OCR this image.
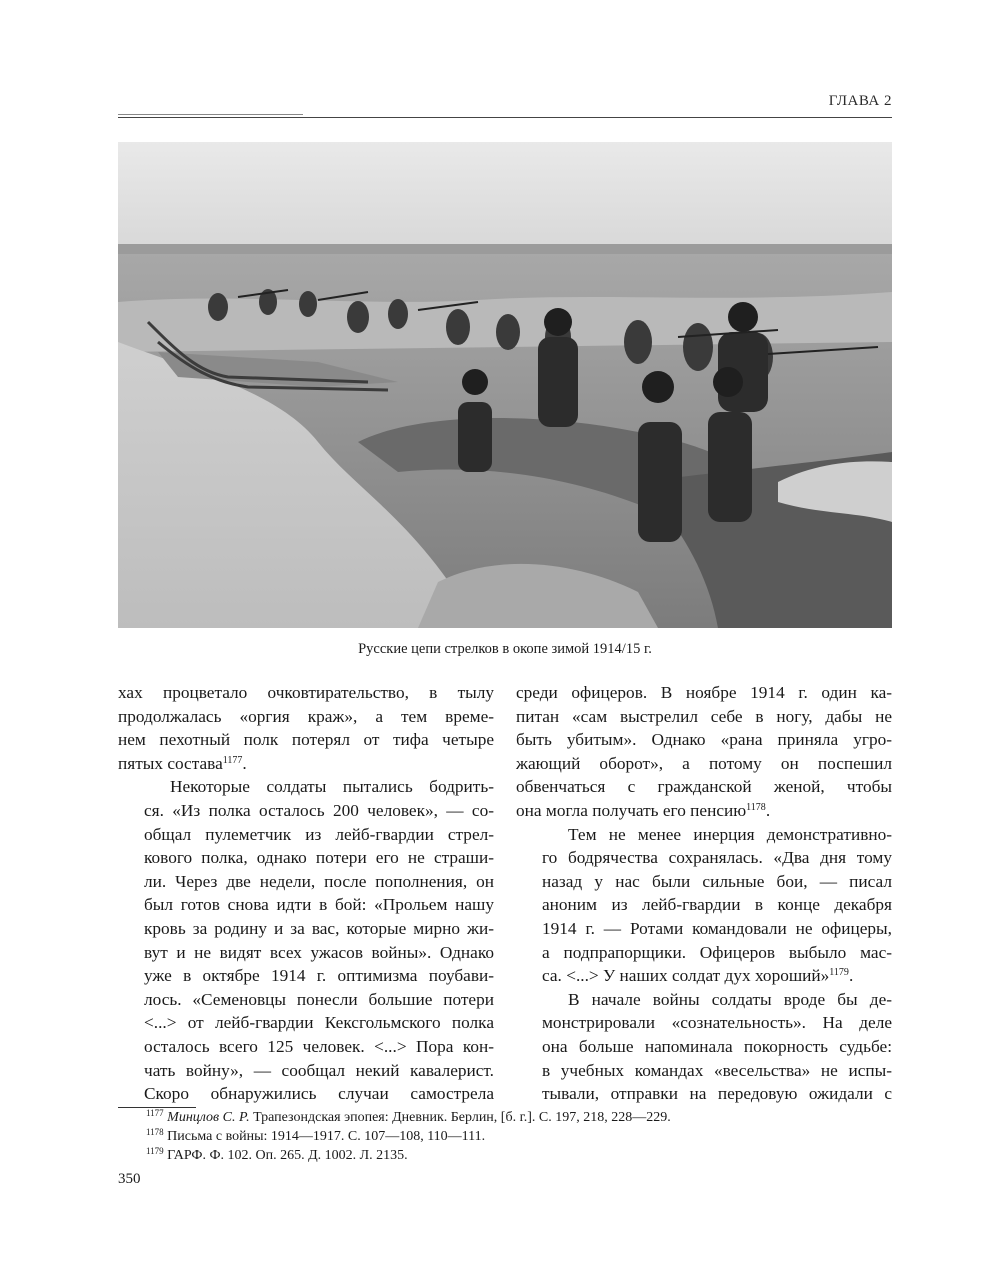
ГЛАВА 2
Русские цепи стрелков в окопе зимой 1914/15 г.

хах процветало очковтирательство, в тылу
продолжалась «оргия краж», а тем време-
нем пехотный полк потерял от тифа четыре
пятых состава$^{1177}$.

Некоторые солдаты пытались бодрить-
ся. «Из полка осталось 200 человек», — со-
общал пулеметчик из лейб-гвардии стрел-
кового полка, однако потери его не страши-
ли. Через две недели, после пополнения, он
был готов снова идти в бой: «Прольем нашу
кровь за родину и за вас, которые мирно жи-
вут и не видят всех ужасов войны». Однако
уже в октябре 1914 г. оптимизма поубави-
лось. «Семеновцы понесли большие потери
<...> от лейб-гвардии Кексгольмского полка
осталось всего 125 человек. <...> Пора кон-
чать войну», — сообщал некий кавалерист.
Скоро обнаружились случаи самострела

среди офицеров. В ноябре 1914 г. один ка-
питан «сам выстрелил себе в ногу, дабы не
быть убитым». Однако «рана приняла угро-
жающий оборот», а потому он поспешил
обвенчаться с гражданской женой, чтобы
она могла получать его пенсию$^{1178}$.

Тем не менее инерция демонстративно-
го бодрячества сохранялась. «Два дня тому
назад у нас были сильные бои, — писал
аноним из лейб-гвардии в конце декабря
1914 г. — Ротами командовали не офицеры,
а подпрапорщики. Офицеров выбыло мас-
са. <...> У наших солдат дух хороший»$^{1179}$.

В начале войны солдаты вроде бы де-
монстрировали «сознательность». На деле
она больше напоминала покорность судьбе:
в учебных командах «весельства» не испы-
тывали, отправки на передовую ожидали с

$^{1177}$ Минцлов С. Р. Трапезондская эпопея: Дневник. Берлин, [б. г.]. С. 197, 218, 228—229.
$^{1178}$ Письма с войны: 1914—1917. С. 107—108, 110—111.
$^{1179}$ ГАРФ. Ф. 102. Оп. 265. Д. 1002. Л. 2135.
350
